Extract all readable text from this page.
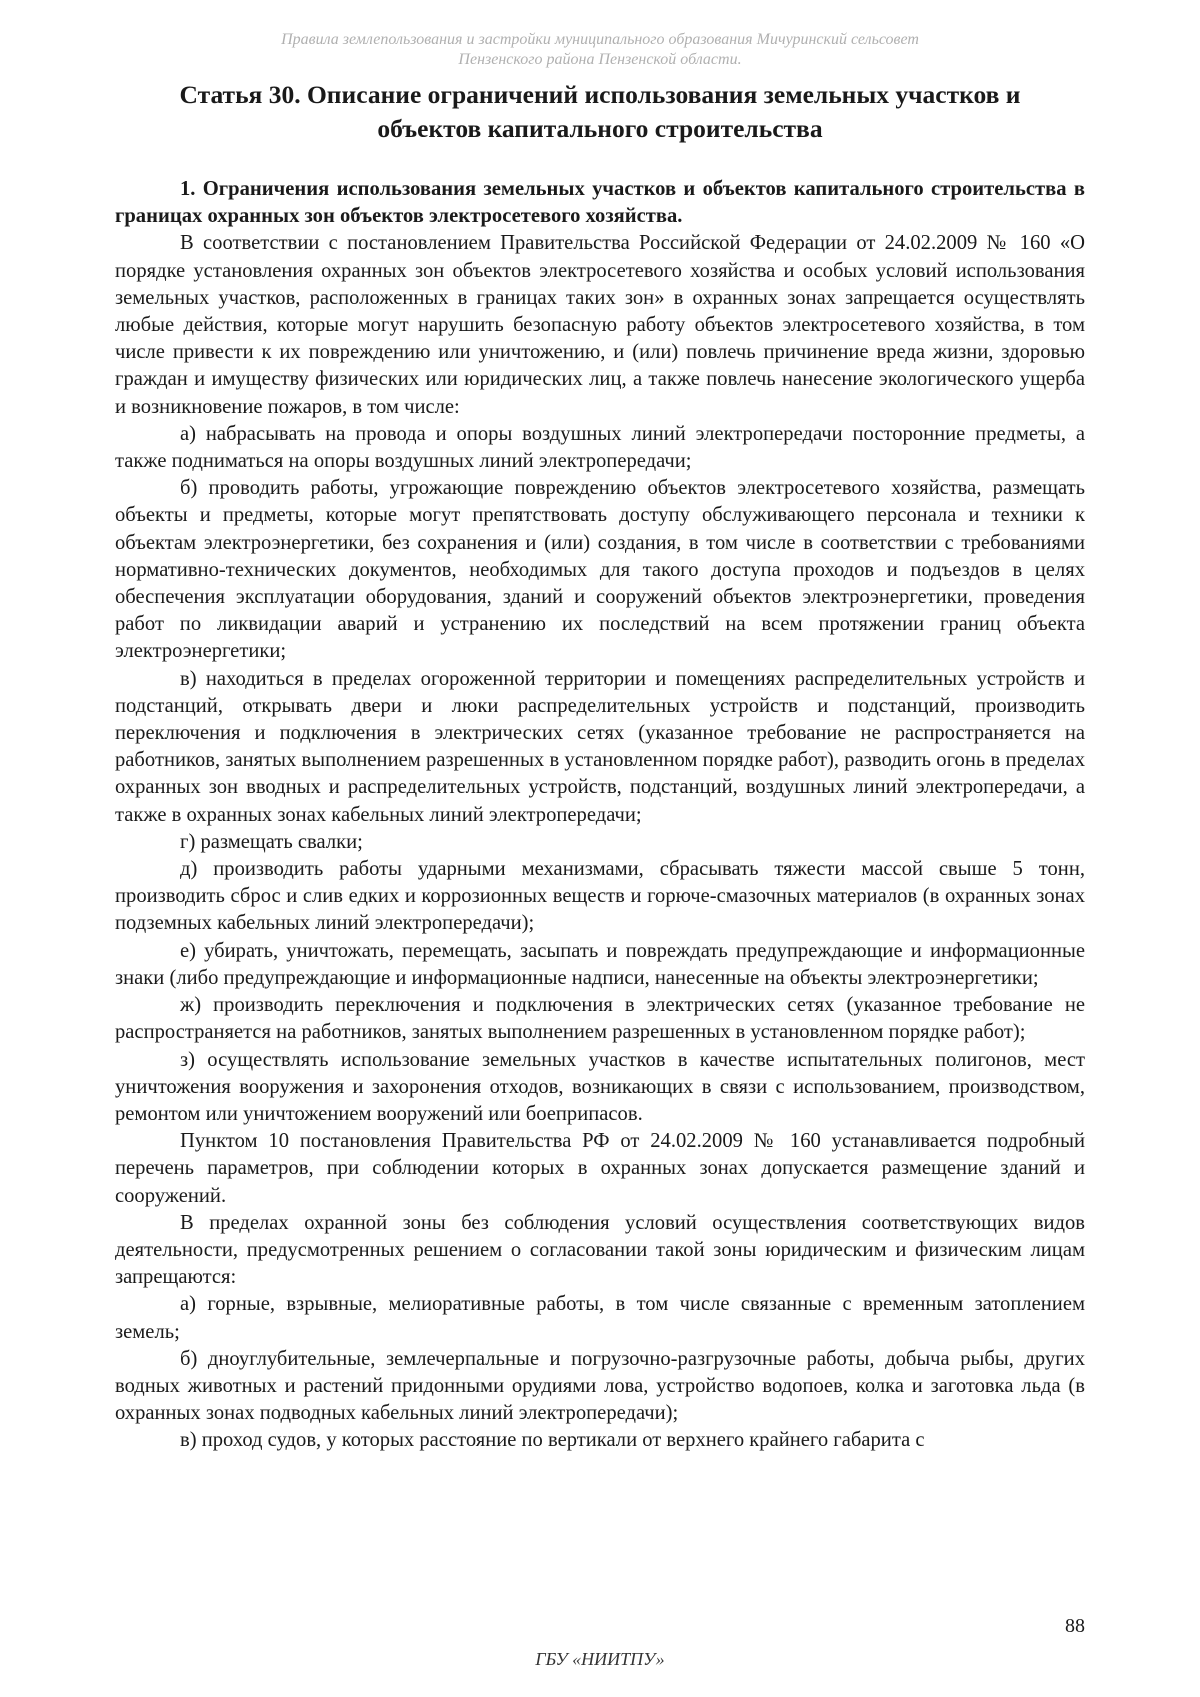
Правила землепользования и застройки муниципального образования Мичуринский сельсовет
Пензенского района Пензенской области.
Статья 30. Описание ограничений использования земельных участков и
объектов капитального строительства

1. Ограничения использования земельных участков и объектов капитального строительства в границах охранных зон объектов электросетевого хозяйства.

В соответствии с постановлением Правительства Российской Федерации от 24.02.2009 № 160 «О порядке установления охранных зон объектов электросетевого хозяйства и особых условий использования земельных участков, расположенных в границах таких зон» в охранных зонах запрещается осуществлять любые действия, которые могут нарушить безопасную работу объектов электросетевого хозяйства, в том числе привести к их повреждению или уничтожению, и (или) повлечь причинение вреда жизни, здоровью граждан и имуществу физических или юридических лиц, а также повлечь нанесение экологического ущерба и возникновение пожаров, в том числе:

а) набрасывать на провода и опоры воздушных линий электропередачи посторонние предметы, а также подниматься на опоры воздушных линий электропередачи;

б) проводить работы, угрожающие повреждению объектов электросетевого хозяйства, размещать объекты и предметы, которые могут препятствовать доступу обслуживающего персонала и техники к объектам электроэнергетики, без сохранения и (или) создания, в том числе в соответствии с требованиями нормативно-технических документов, необходимых для такого доступа проходов и подъездов в целях обеспечения эксплуатации оборудования, зданий и сооружений объектов электроэнергетики, проведения работ по ликвидации аварий и устранению их последствий на всем протяжении границ объекта электроэнергетики;

в) находиться в пределах огороженной территории и помещениях распределительных устройств и подстанций, открывать двери и люки распределительных устройств и подстанций, производить переключения и подключения в электрических сетях (указанное требование не распространяется на работников, занятых выполнением разрешенных в установленном порядке работ), разводить огонь в пределах охранных зон вводных и распределительных устройств, подстанций, воздушных линий электропередачи, а также в охранных зонах кабельных линий электропередачи;

г) размещать свалки;

д) производить работы ударными механизмами, сбрасывать тяжести массой свыше 5 тонн, производить сброс и слив едких и коррозионных веществ и горюче-смазочных материалов (в охранных зонах подземных кабельных линий электропередачи);

е) убирать, уничтожать, перемещать, засыпать и повреждать предупреждающие и информационные знаки (либо предупреждающие и информационные надписи, нанесенные на объекты электроэнергетики;

ж) производить переключения и подключения в электрических сетях (указанное требование не распространяется на работников, занятых выполнением разрешенных в установленном порядке работ);

з) осуществлять использование земельных участков в качестве испытательных полигонов, мест уничтожения вооружения и захоронения отходов, возникающих в связи с использованием, производством, ремонтом или уничтожением вооружений или боеприпасов.

Пунктом 10 постановления Правительства РФ от 24.02.2009 № 160 устанавливается подробный перечень параметров, при соблюдении которых в охранных зонах допускается размещение зданий и сооружений.

В пределах охранной зоны без соблюдения условий осуществления соответствующих видов деятельности, предусмотренных решением о согласовании такой зоны юридическим и физическим лицам запрещаются:

а) горные, взрывные, мелиоративные работы, в том числе связанные с временным затоплением земель;

б) дноуглубительные, землечерпальные и погрузочно-разгрузочные работы, добыча рыбы, других водных животных и растений придонными орудиями лова, устройство водопоев, колка и заготовка льда (в охранных зонах подводных кабельных линий электропередачи);

в) проход судов, у которых расстояние по вертикали от верхнего крайнего габарита с

88
ГБУ «НИИТПУ»
